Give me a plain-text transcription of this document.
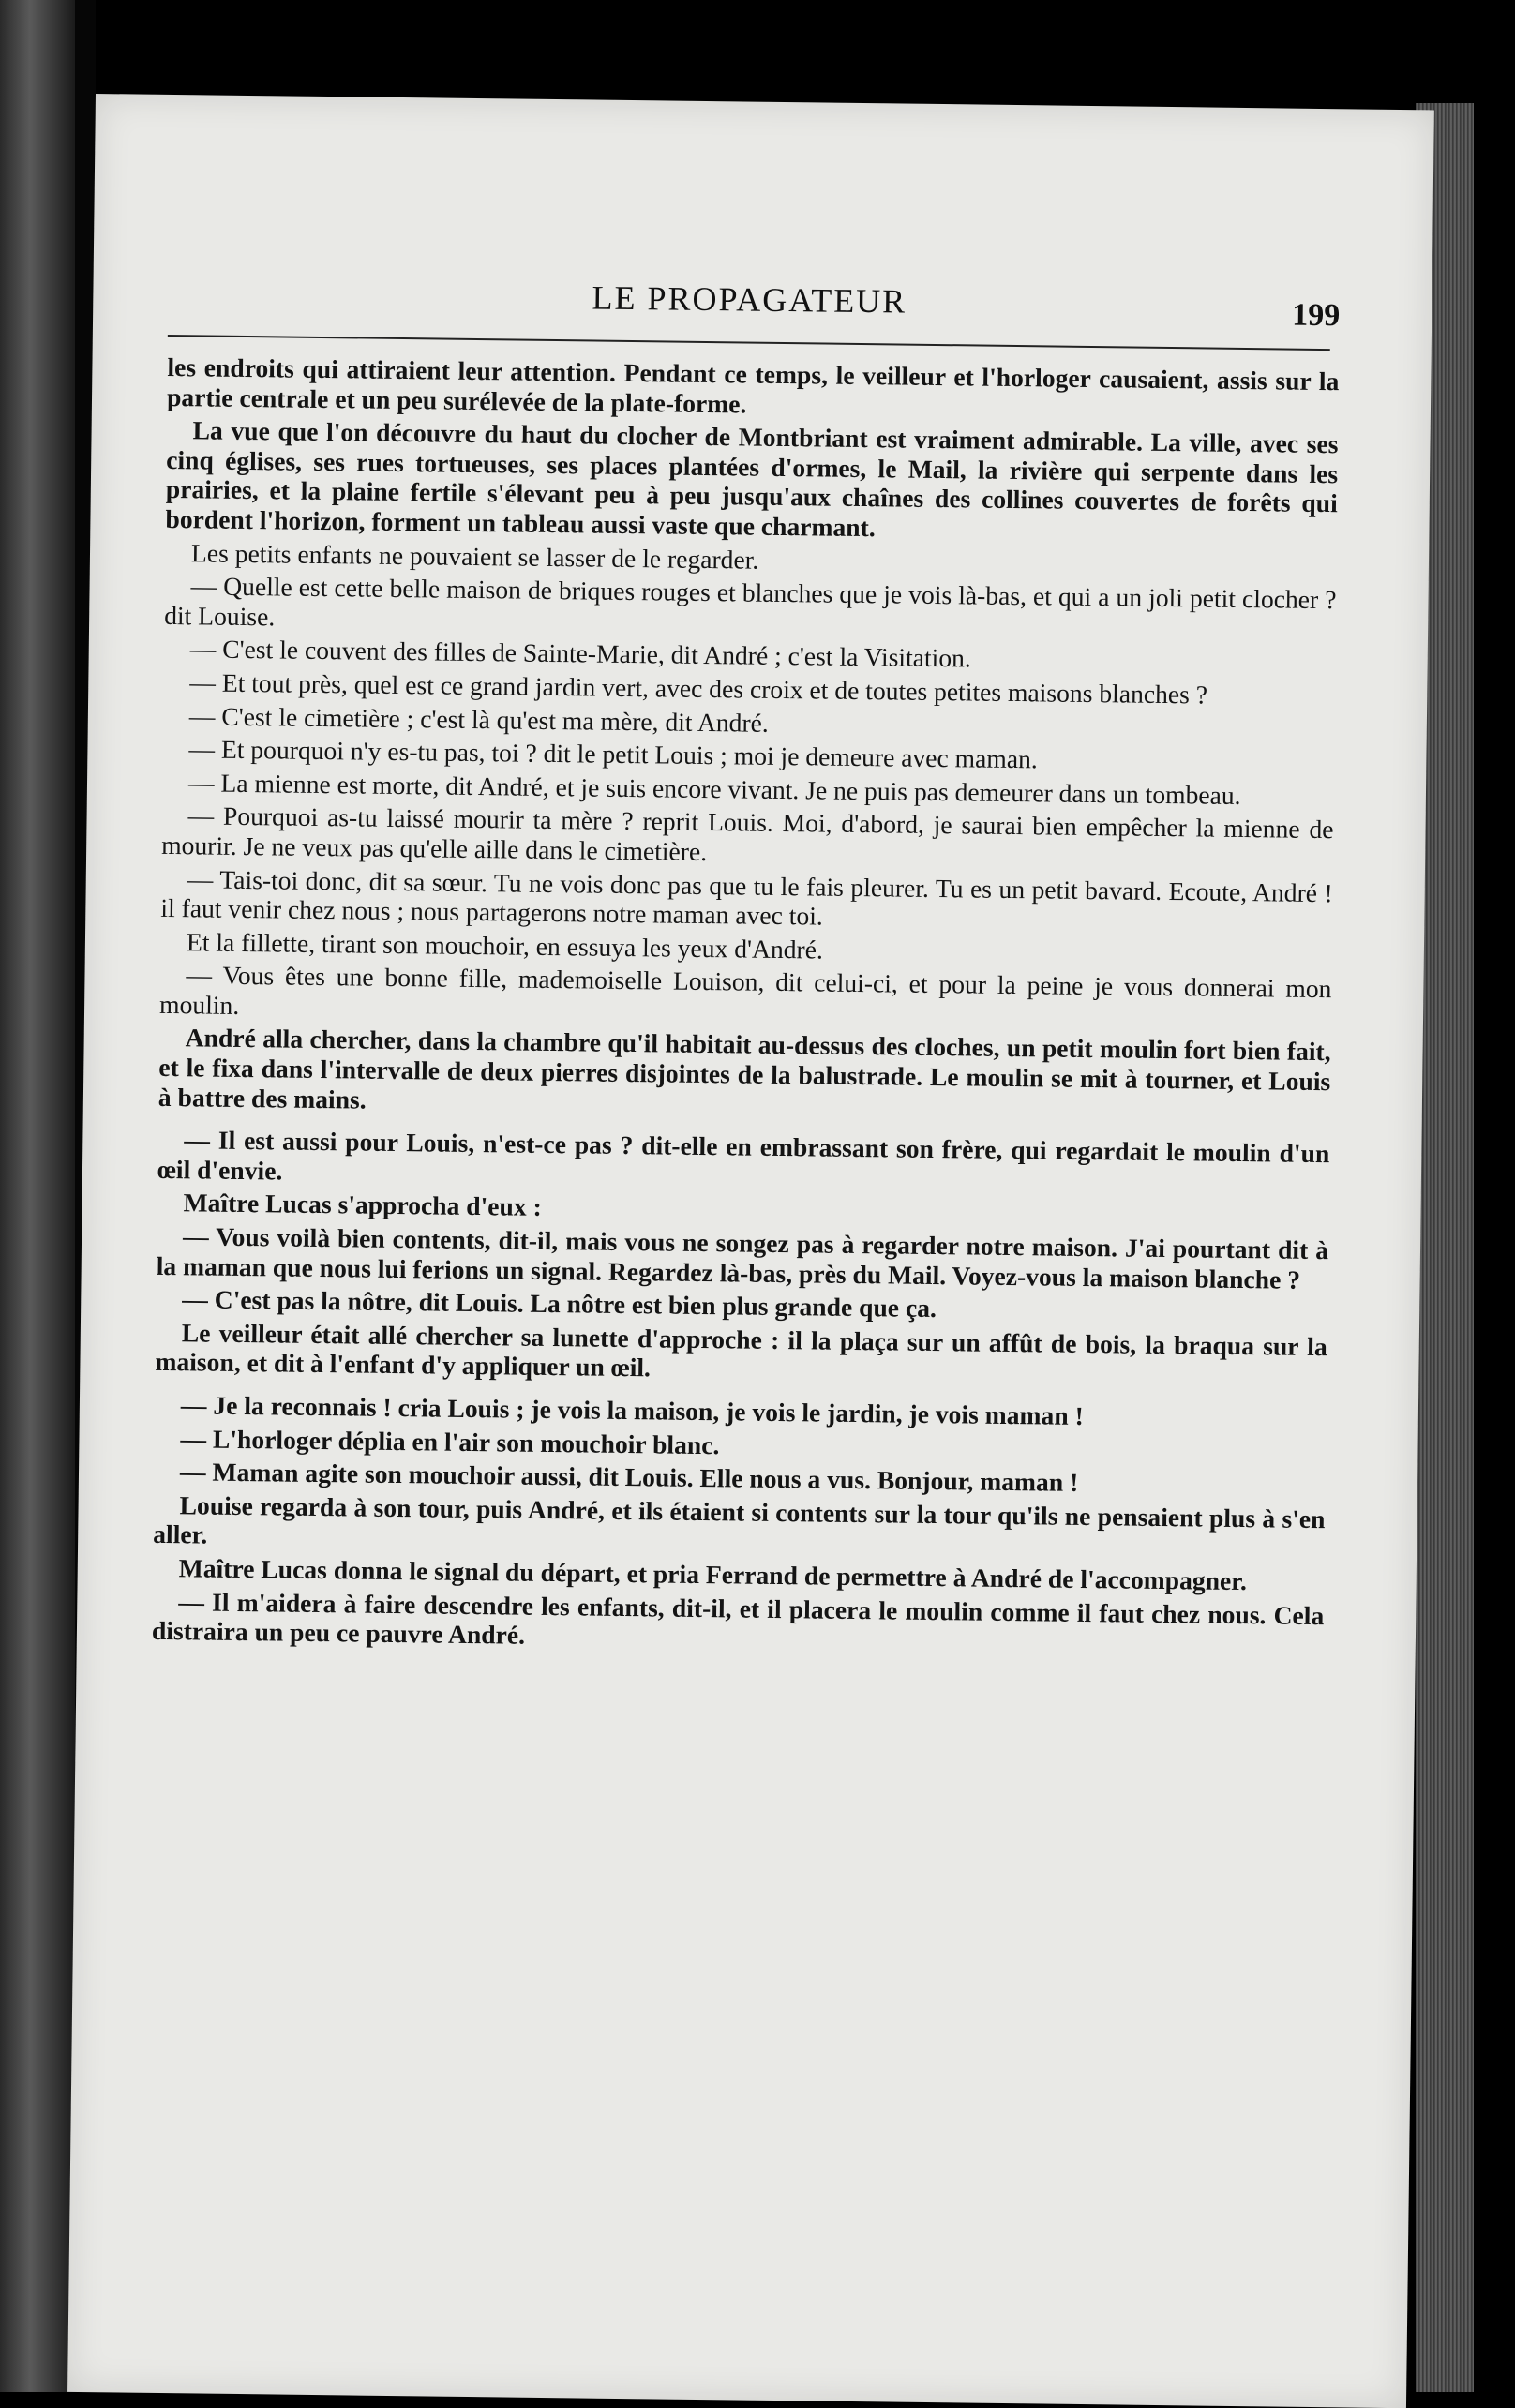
LE PROPAGATEUR	199

les endroits qui attiraient leur attention. Pendant ce temps, le veilleur et l'horloger causaient, assis sur la partie centrale et un peu surélevée de la plate-forme.

La vue que l'on découvre du haut du clocher de Montbriant est vraiment admirable. La ville, avec ses cinq églises, ses rues tortueuses, ses places plantées d'ormes, le Mail, la rivière qui serpente dans les prairies, et la plaine fertile s'élevant peu à peu jusqu'aux chaînes des collines couvertes de forêts qui bordent l'horizon, forment un tableau aussi vaste que charmant.

Les petits enfants ne pouvaient se lasser de le regarder.

— Quelle est cette belle maison de briques rouges et blanches que je vois là-bas, et qui a un joli petit clocher ? dit Louise.

— C'est le couvent des filles de Sainte-Marie, dit André ; c'est la Visitation.

— Et tout près, quel est ce grand jardin vert, avec des croix et de toutes petites maisons blanches ?

— C'est le cimetière ; c'est là qu'est ma mère, dit André.

— Et pourquoi n'y es-tu pas, toi ? dit le petit Louis ; moi je demeure avec maman.

— La mienne est morte, dit André, et je suis encore vivant. Je ne puis pas demeurer dans un tombeau.

— Pourquoi as-tu laissé mourir ta mère ? reprit Louis. Moi, d'abord, je saurai bien empêcher la mienne de mourir. Je ne veux pas qu'elle aille dans le cimetière.

— Tais-toi donc, dit sa sœur. Tu ne vois donc pas que tu le fais pleurer. Tu es un petit bavard. Ecoute, André ! il faut venir chez nous ; nous partagerons notre maman avec toi.

Et la fillette, tirant son mouchoir, en essuya les yeux d'André.

— Vous êtes une bonne fille, mademoiselle Louison, dit celui-ci, et pour la peine je vous donnerai mon moulin.

André alla chercher, dans la chambre qu'il habitait au-dessus des cloches, un petit moulin fort bien fait, et le fixa dans l'intervalle de deux pierres disjointes de la balustrade. Le moulin se mit à tourner, et Louis à battre des mains.

— Il est aussi pour Louis, n'est-ce pas ? dit-elle en embrassant son frère, qui regardait le moulin d'un œil d'envie.

Maître Lucas s'approcha d'eux :

— Vous voilà bien contents, dit-il, mais vous ne songez pas à regarder notre maison. J'ai pourtant dit à la maman que nous lui ferions un signal. Regardez là-bas, près du Mail. Voyez-vous la maison blanche ?

— C'est pas la nôtre, dit Louis. La nôtre est bien plus grande que ça.

Le veilleur était allé chercher sa lunette d'approche : il la plaça sur un affût de bois, la braqua sur la maison, et dit à l'enfant d'y appliquer un œil.

— Je la reconnais ! cria Louis ; je vois la maison, je vois le jardin, je vois maman !

— L'horloger déplia en l'air son mouchoir blanc.

— Maman agite son mouchoir aussi, dit Louis. Elle nous a vus. Bonjour, maman !

Louise regarda à son tour, puis André, et ils étaient si contents sur la tour qu'ils ne pensaient plus à s'en aller.

Maître Lucas donna le signal du départ, et pria Ferrand de permettre à André de l'accompagner.

— Il m'aidera à faire descendre les enfants, dit-il, et il placera le moulin comme il faut chez nous. Cela distraira un peu ce pauvre André.
